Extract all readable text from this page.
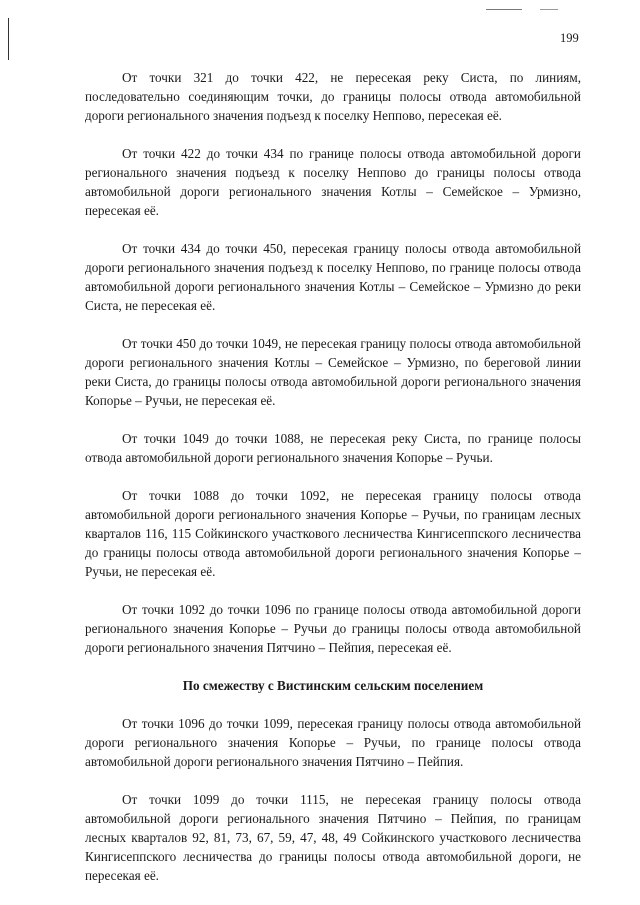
199

От точки 321 до точки 422, не пересекая реку Систа, по линиям, последовательно соединяющим точки, до границы полосы отвода автомобильной дороги регионального значения подъезд к поселку Неппово, пересекая её.

От точки 422 до точки 434 по границе полосы отвода автомобильной дороги регионального значения подъезд к поселку Неппово до границы полосы отвода автомобильной дороги регионального значения Котлы – Семейское – Урмизно, пересекая её.

От точки 434 до точки 450, пересекая границу полосы отвода автомобильной дороги регионального значения подъезд к поселку Неппово, по границе полосы отвода автомобильной дороги регионального значения Котлы – Семейское – Урмизно до реки Систа, не пересекая её.

От точки 450 до точки 1049, не пересекая границу полосы отвода автомобильной дороги регионального значения Котлы – Семейское – Урмизно, по береговой линии реки Систа, до границы полосы отвода автомобильной дороги регионального значения Копорье – Ручьи, не пересекая её.

От точки 1049 до точки 1088, не пересекая реку Систа, по границе полосы отвода автомобильной дороги регионального значения Копорье – Ручьи.

От точки 1088 до точки 1092, не пересекая границу полосы отвода автомобильной дороги регионального значения Копорье – Ручьи, по границам лесных кварталов 116, 115 Сойкинского участкового лесничества Кингисеппского лесничества до границы полосы отвода автомобильной дороги регионального значения Копорье – Ручьи, не пересекая её.

От точки 1092 до точки 1096 по границе полосы отвода автомобильной дороги регионального значения Копорье – Ручьи до границы полосы отвода автомобильной дороги регионального значения Пятчино – Пейпия, пересекая её.

По смежеству с Вистинским сельским поселением

От точки 1096 до точки 1099, пересекая границу полосы отвода автомобильной дороги регионального значения Копорье – Ручьи, по границе полосы отвода автомобильной дороги регионального значения Пятчино – Пейпия.

От точки 1099 до точки 1115, не пересекая границу полосы отвода автомобильной дороги регионального значения Пятчино – Пейпия, по границам лесных кварталов 92, 81, 73, 67, 59, 47, 48, 49 Сойкинского участкового лесничества Кингисеппского лесничества до границы полосы отвода автомобильной дороги, не пересекая её.
